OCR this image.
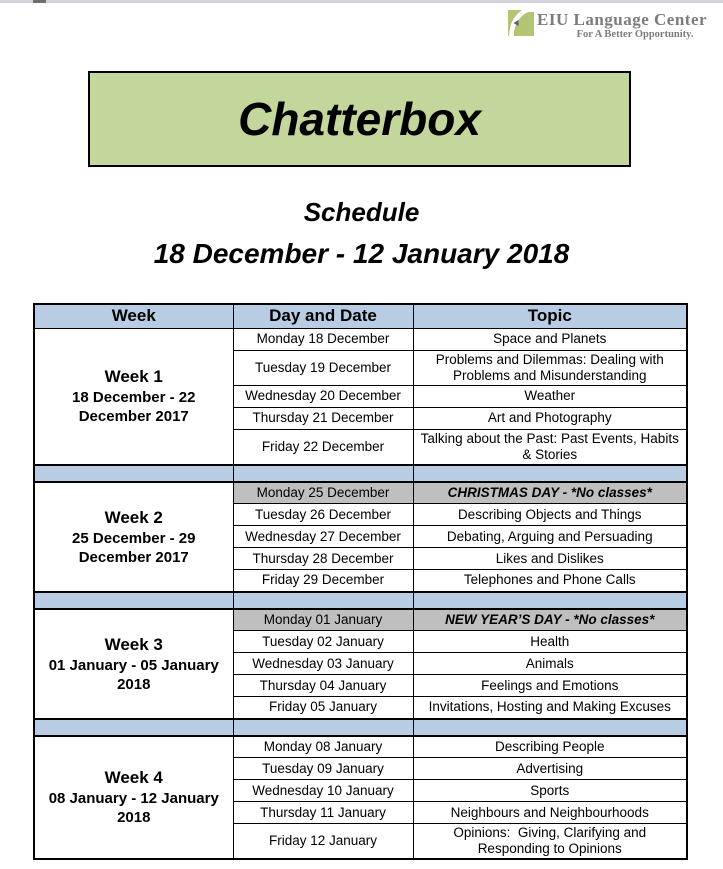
EIU Language Center
For A Better Opportunity.
Chatterbox
Schedule
18 December - 12 January 2018
Week	Day and Date	Topic

Week 1
18 December - 22
December 2017	Monday 18 December	Space and Planets
	Tuesday 19 December	Problems and Dilemmas: Dealing with Problems and Misunderstanding
	Wednesday 20 December	Weather
	Thursday 21 December	Art and Photography
	Friday 22 December	Talking about the Past: Past Events, Habits & Stories

Week 2
25 December - 29
December 2017	Monday 25 December	CHRISTMAS DAY - *No classes*
	Tuesday 26 December	Describing Objects and Things
	Wednesday 27 December	Debating, Arguing and Persuading
	Thursday 28 December	Likes and Dislikes
	Friday 29 December	Telephones and Phone Calls

Week 3
01 January - 05 January
2018	Monday 01 January	NEW YEAR’S DAY - *No classes*
	Tuesday 02 January	Health
	Wednesday 03 January	Animals
	Thursday 04 January	Feelings and Emotions
	Friday 05 January	Invitations, Hosting and Making Excuses

Week 4
08 January - 12 January
2018	Monday 08 January	Describing People
	Tuesday 09 January	Advertising
	Wednesday 10 January	Sports
	Thursday 11 January	Neighbours and Neighbourhoods
	Friday 12 January	Opinions:  Giving, Clarifying and Responding to Opinions
